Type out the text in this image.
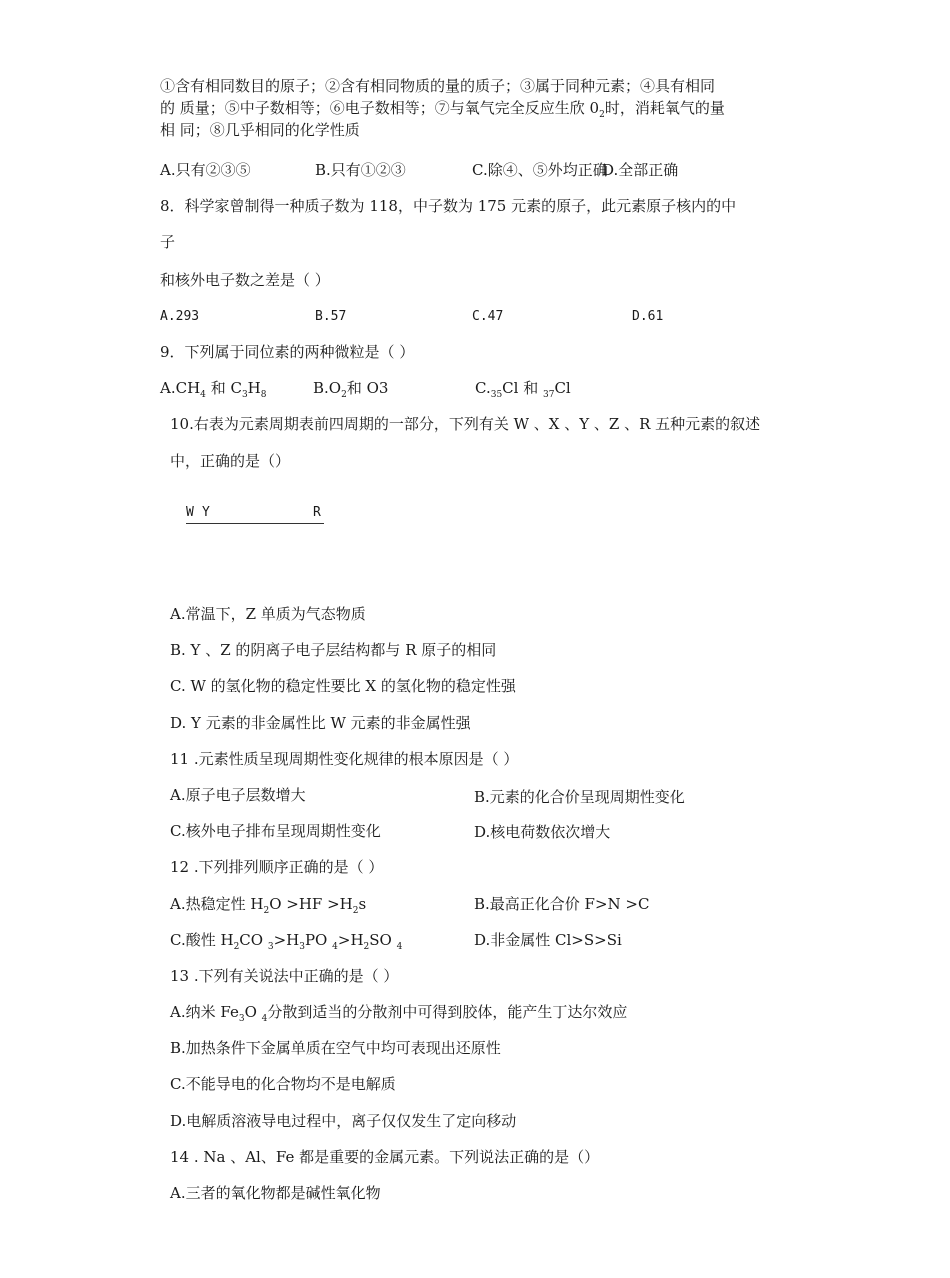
①含有相同数目的原子；②含有相同物质的量的质子；③属于同种元素；④具有相同
的 质量；⑤中子数相等；⑥电子数相等；⑦与氧气完全反应生欣 $0_2$时，消耗氧气的量
相 同；⑧几乎相同的化学性质
A.只有②③⑤	B.只有①②③	C.除④、⑤外均正确
D.全部正确
8．科学家曾制得一种质子数为 118，中子数为 175 元素的原子，此元素原子核内的中
子
和核外电子数之差是（ ）
A.293	B.57	C.47	D.61
9．下列属于同位素的两种微粒是（ ）
$A.CH_4$ 和 $C_3H_8$	$B.O_2$和 O3	$C._{35}Cl$ 和 $_{37}$Cl
10.右表为元素周期表前四周期的一部分，下列有关 W 、X 、Y 、Z 、R 五种元素的叙述
中，正确的是（）
W Y	R
A.常温下，Z 单质为气态物质
B. Y 、Z 的阴离子电子层结构都与 R 原子的相同
C. W 的氢化物的稳定性要比 X 的氢化物的稳定性强
D. Y 元素的非金属性比 W 元素的非金属性强
11 .元素性质呈现周期性变化规律的根本原因是（ ）
A.原子电子层数增大	B.元素的化合价呈现周期性变化
C.核外电子排布呈现周期性变化	D.核电荷数依次增大
12 .下列排列顺序正确的是（ ）
A.热稳定性 $H_2O >HF >H_2s$	B.最高正化合价 F>N >C
C.酸性 $H_2CO$ $_3>H_3PO$ $_4>H_2SO$ $_4$	D.非金属性 Cl>S>Si
13 .下列有关说法中正确的是（ ）
A.纳米 $Fe_3O$ $_4$分散到适当的分散剂中可得到胶体，能产生丁达尔效应
B.加热条件下金属单质在空气中均可表现出还原性
C.不能导电的化合物均不是电解质
D.电解质溶液导电过程中，离子仅仅发生了定向移动
14 . Na 、Al、Fe 都是重要的金属元素。下列说法正确的是（）
A.三者的氧化物都是碱性氧化物
